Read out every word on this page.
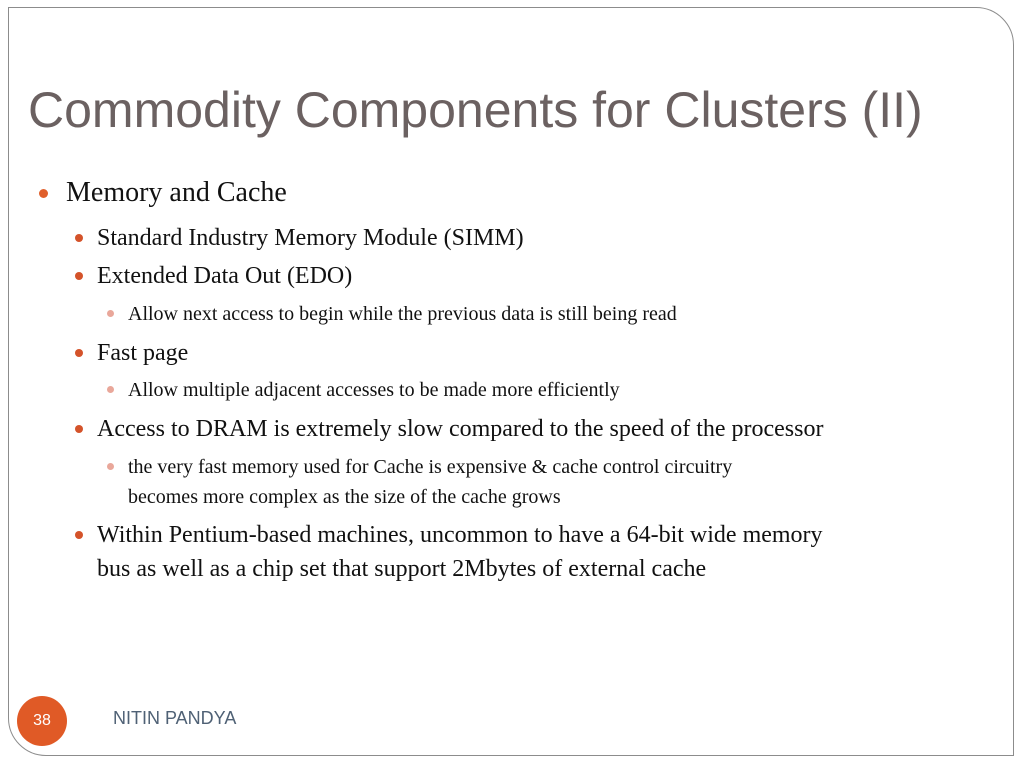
Commodity Components for Clusters (II)

Memory and Cache

Standard Industry Memory Module (SIMM)

Extended Data Out (EDO)

Allow next access to begin while the previous data is still being read

Fast page

Allow multiple adjacent accesses to be made more efficiently

Access to DRAM is extremely slow compared to the speed of the processor

the very fast memory used for Cache is expensive & cache control circuitry

becomes more complex as the size of the cache grows

Within Pentium-based machines, uncommon to have a 64-bit wide memory

bus as well as a chip set that support 2Mbytes of external cache

38	NITIN PANDYA
